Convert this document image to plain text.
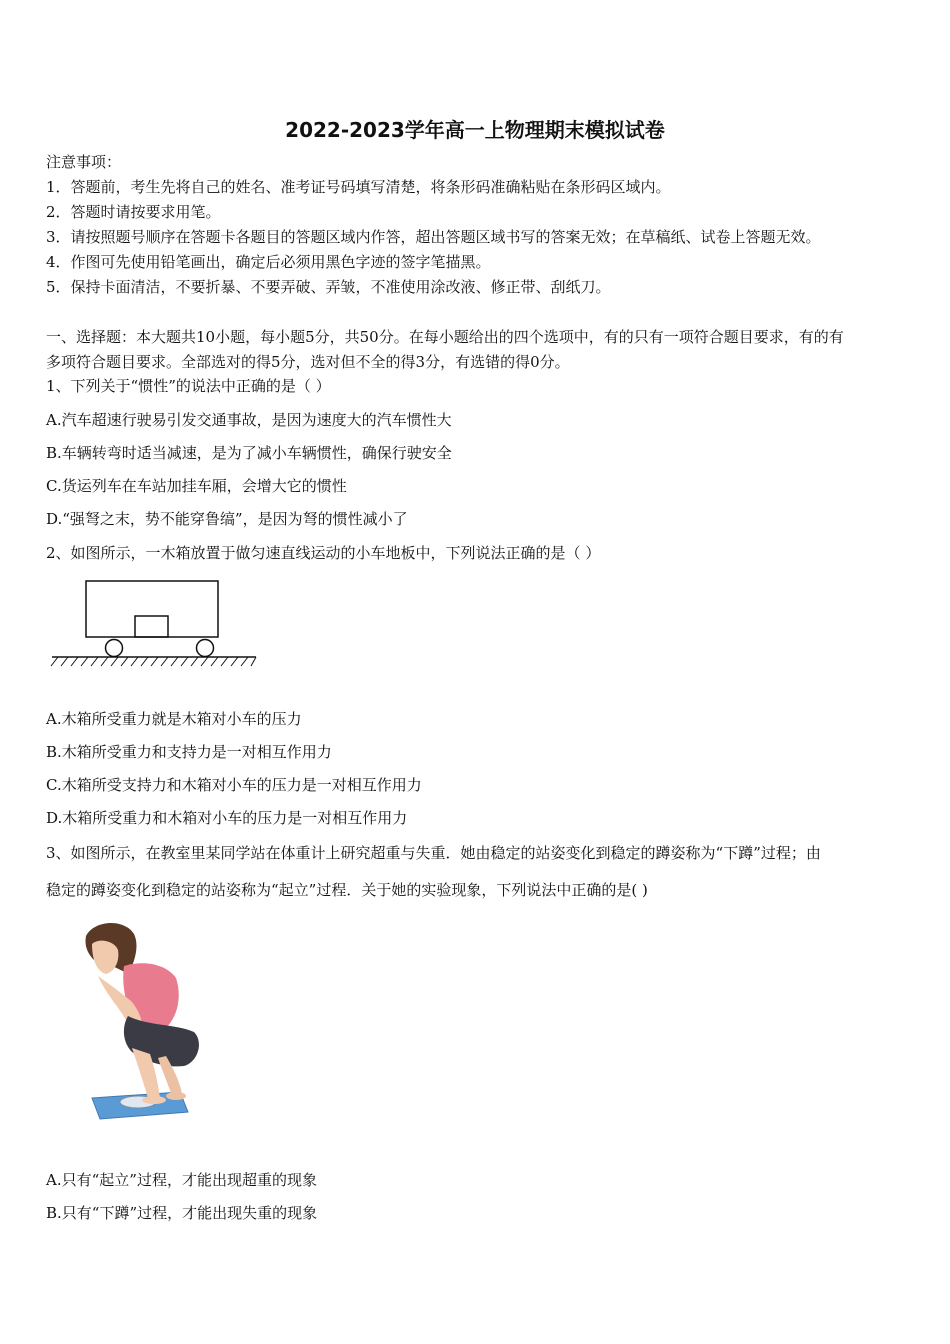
2022-2023学年高一上物理期末模拟试卷
注意事项：
1．答题前，考生先将自己的姓名、准考证号码填写清楚，将条形码准确粘贴在条形码区域内。
2．答题时请按要求用笔。
3．请按照题号顺序在答题卡各题目的答题区域内作答，超出答题区域书写的答案无效；在草稿纸、试卷上答题无效。
4．作图可先使用铅笔画出，确定后必须用黑色字迹的签字笔描黑。
5．保持卡面清洁，不要折暴、不要弄破、弄皱，不准使用涂改液、修正带、刮纸刀。
一、选择题：本大题共10小题，每小题5分，共50分。在每小题给出的四个选项中，有的只有一项符合题目要求，有的有
多项符合题目要求。全部选对的得5分，选对但不全的得3分，有选错的得0分。
1、下列关于“惯性”的说法中正确的是（ ）
A.汽车超速行驶易引发交通事故，是因为速度大的汽车惯性大
B.车辆转弯时适当减速，是为了减小车辆惯性，确保行驶安全
C.货运列车在车站加挂车厢，会增大它的惯性
D.“强弩之末，势不能穿鲁缟”，是因为弩的惯性减小了
2、如图所示，一木箱放置于做匀速直线运动的小车地板中，下列说法正确的是（ ）
A.木箱所受重力就是木箱对小车的压力
B.木箱所受重力和支持力是一对相互作用力
C.木箱所受支持力和木箱对小车的压力是一对相互作用力
D.木箱所受重力和木箱对小车的压力是一对相互作用力
3、如图所示，在教室里某同学站在体重计上研究超重与失重．她由稳定的站姿变化到稳定的蹲姿称为“下蹲”过程；由
稳定的蹲姿变化到稳定的站姿称为“起立”过程．关于她的实验现象，下列说法中正确的是( )
A.只有“起立”过程，才能出现超重的现象
B.只有“下蹲”过程，才能出现失重的现象
